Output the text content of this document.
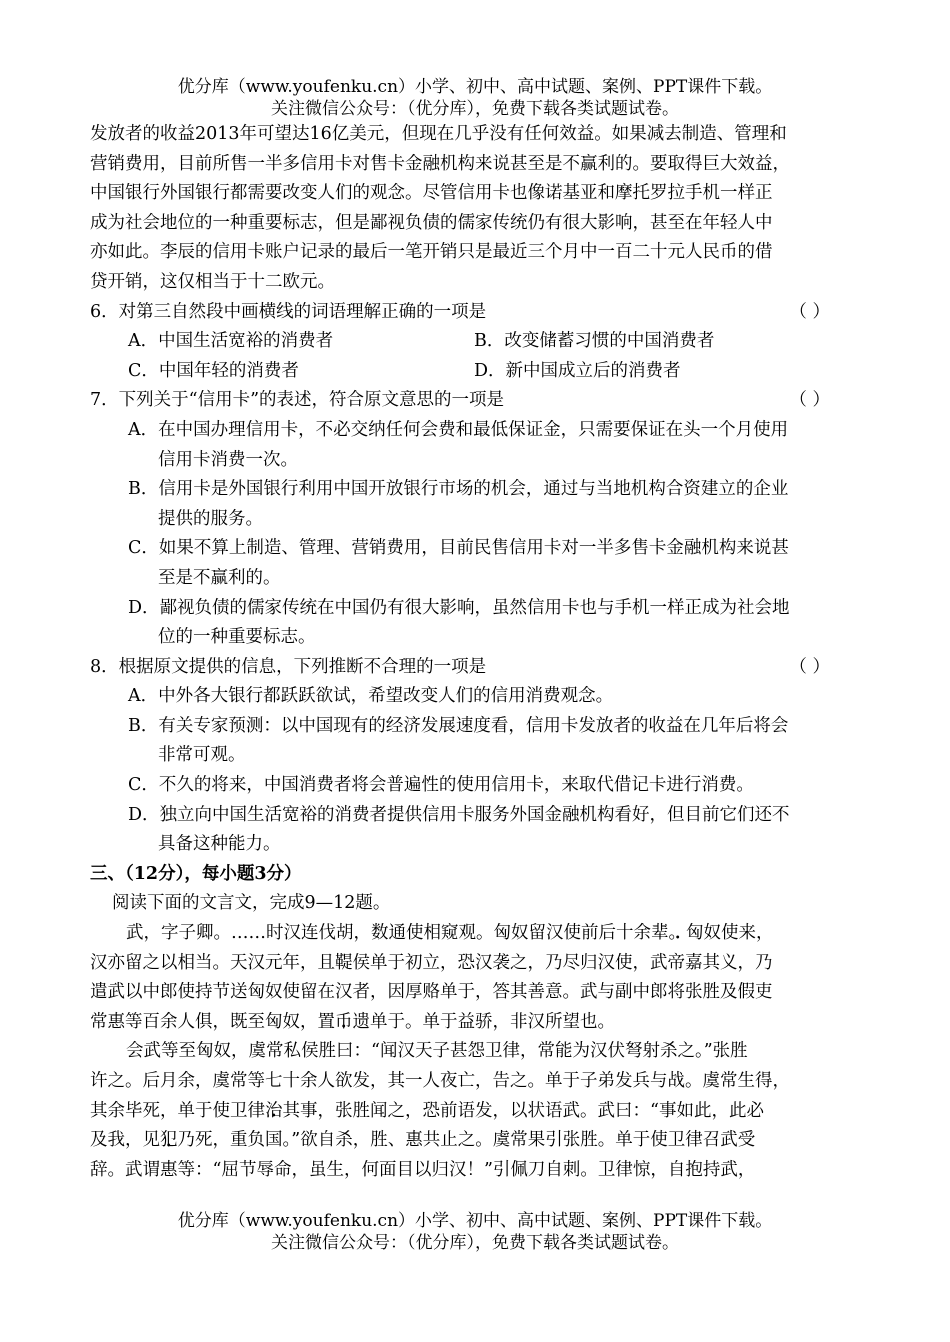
优分库（www.youfenku.cn）小学、初中、高中试题、案例、PPT课件下载。
关注微信公众号：（优分库），免费下载各类试题试卷。

发放者的收益2013年可望达16亿美元，但现在几乎没有任何效益。如果减去制造、管理和

营销费用，目前所售一半多信用卡对售卡金融机构来说甚至是不赢利的。要取得巨大效益，

中国银行外国银行都需要改变人们的观念。尽管信用卡也像诺基亚和摩托罗拉手机一样正

成为社会地位的一种重要标志，但是鄙视负债的儒家传统仍有很大影响，甚至在年轻人中

亦如此。李辰的信用卡账户记录的最后一笔开销只是最近三个月中一百二十元人民币的借

贷开销，这仅相当于十二欧元。

6．对第三自然段中画横线的词语理解正确的一项是	（ ）
A．中国生活宽裕的消费者	B．改变储蓄习惯的中国消费者
C．中国年轻的消费者	D．新中国成立后的消费者
7．下列关于“信用卡”的表述，符合原文意思的一项是	（ ）

A．在中国办理信用卡，不必交纳任何会费和最低保证金，只需要保证在头一个月使用

信用卡消费一次。

B．信用卡是外国银行利用中国开放银行市场的机会，通过与当地机构合资建立的企业

提供的服务。

C．如果不算上制造、管理、营销费用，目前民售信用卡对一半多售卡金融机构来说甚

至是不赢利的。

D．鄙视负债的儒家传统在中国仍有很大影响，虽然信用卡也与手机一样正成为社会地

位的一种重要标志。

8．根据原文提供的信息，下列推断不合理的一项是	（ ）

A．中外各大银行都跃跃欲试，希望改变人们的信用消费观念。

B．有关专家预测：以中国现有的经济发展速度看，信用卡发放者的收益在几年后将会

非常可观。

C．不久的将来，中国消费者将会普遍性的使用信用卡，来取代借记卡进行消费。

D．独立向中国生活宽裕的消费者提供信用卡服务外国金融机构看好，但目前它们还不

具备这种能力。

三、（12分），每小题3分）

阅读下面的文言文，完成9—12题。

武，字子卿。……时汉连伐胡，数通使相窥观。匈奴留汉使前后十余辈。匈奴使来，

汉亦留之以相当。天汉元年，且鞮侯单于初立，恐汉袭之，乃尽归汉使，武帝嘉其义，乃

遣武以中郎使持节送匈奴使留在汉者，因厚赂单于，答其善意。武与副中郎将张胜及假吏

常惠等百余人俱，既至匈奴，置币遗单于。单于益骄，非汉所望也。

会武等至匈奴，虞常私侯胜曰：“闻汉天子甚怨卫律，常能为汉伏弩射杀之。”张胜

许之。后月余，虞常等七十余人欲发，其一人夜亡，告之。单于子弟发兵与战。虞常生得，

其余毕死，单于使卫律治其事，张胜闻之，恐前语发，以状语武。武曰：“事如此，此必

及我，见犯乃死，重负国。”欲自杀，胜、惠共止之。虞常果引张胜。单于使卫律召武受

辞。武谓惠等：“屈节辱命，虽生，何面目以归汉！”引佩刀自刺。卫律惊，自抱持武，

优分库（www.youfenku.cn）小学、初中、高中试题、案例、PPT课件下载。
关注微信公众号：（优分库），免费下载各类试题试卷。
